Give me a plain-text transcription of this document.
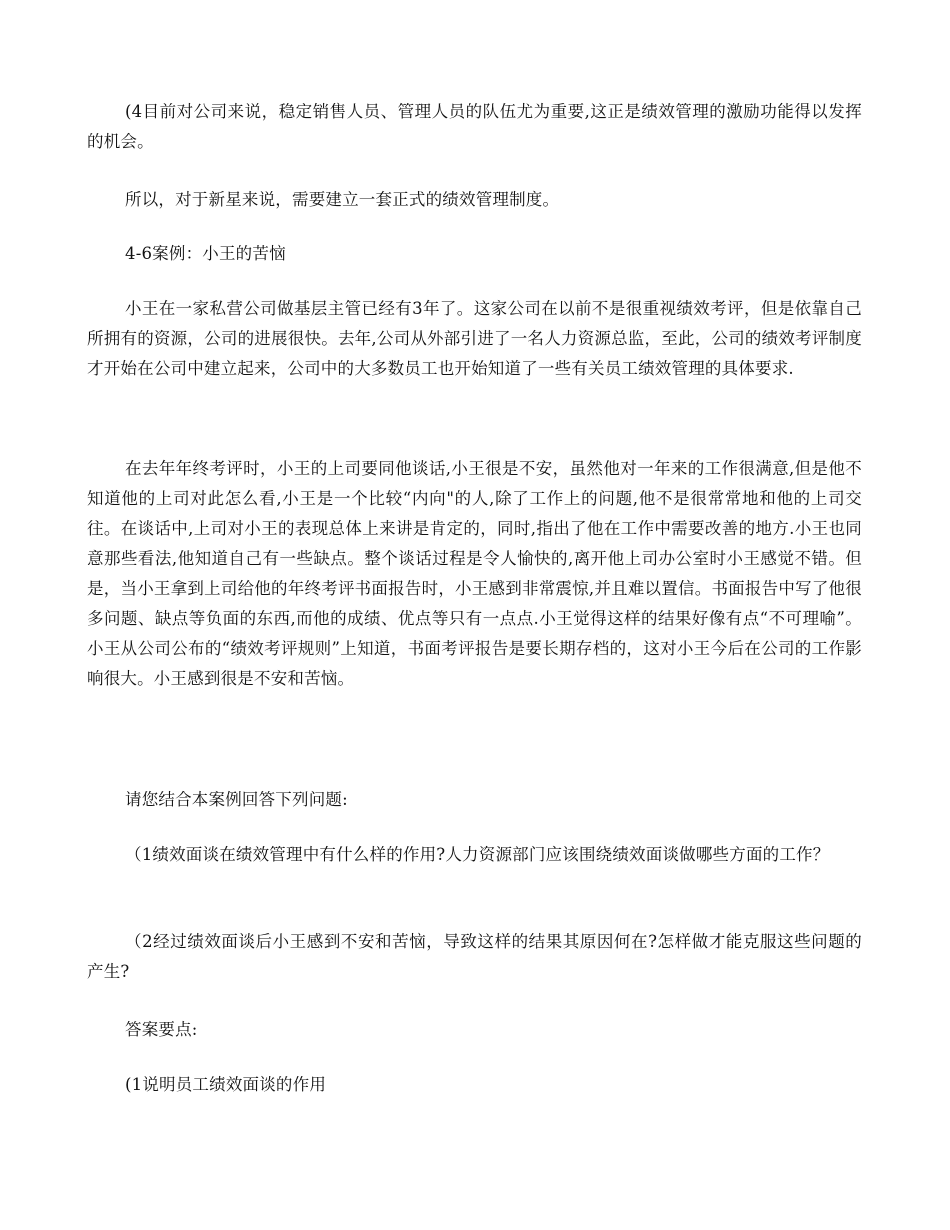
(4目前对公司来说，稳定销售人员、管理人员的队伍尤为重要,这正是绩效管理的激励功能得以发挥的机会。

所以，对于新星来说，需要建立一套正式的绩效管理制度。

4-6案例：小王的苦恼

小王在一家私营公司做基层主管已经有3年了。这家公司在以前不是很重视绩效考评，但是依靠自己所拥有的资源，公司的进展很快。去年,公司从外部引进了一名人力资源总监，至此，公司的绩效考评制度才开始在公司中建立起来，公司中的大多数员工也开始知道了一些有关员工绩效管理的具体要求.

在去年年终考评时，小王的上司要同他谈话,小王很是不安，虽然他对一年来的工作很满意,但是他不知道他的上司对此怎么看,小王是一个比较“内向"的人,除了工作上的问题,他不是很常常地和他的上司交往。在谈话中,上司对小王的表现总体上来讲是肯定的，同时,指出了他在工作中需要改善的地方.小王也同意那些看法,他知道自己有一些缺点。整个谈话过程是令人愉快的,离开他上司办公室时小王感觉不错。但是，当小王拿到上司给他的年终考评书面报告时，小王感到非常震惊,并且难以置信。书面报告中写了他很多问题、缺点等负面的东西,而他的成绩、优点等只有一点点.小王觉得这样的结果好像有点“不可理喻”。小王从公司公布的“绩效考评规则”上知道，书面考评报告是要长期存档的，这对小王今后在公司的工作影响很大。小王感到很是不安和苦恼。

请您结合本案例回答下列问题:

（1绩效面谈在绩效管理中有什么样的作用?人力资源部门应该围绕绩效面谈做哪些方面的工作？

（2经过绩效面谈后小王感到不安和苦恼，导致这样的结果其原因何在?怎样做才能克服这些问题的产生?

答案要点:

(1说明员工绩效面谈的作用
